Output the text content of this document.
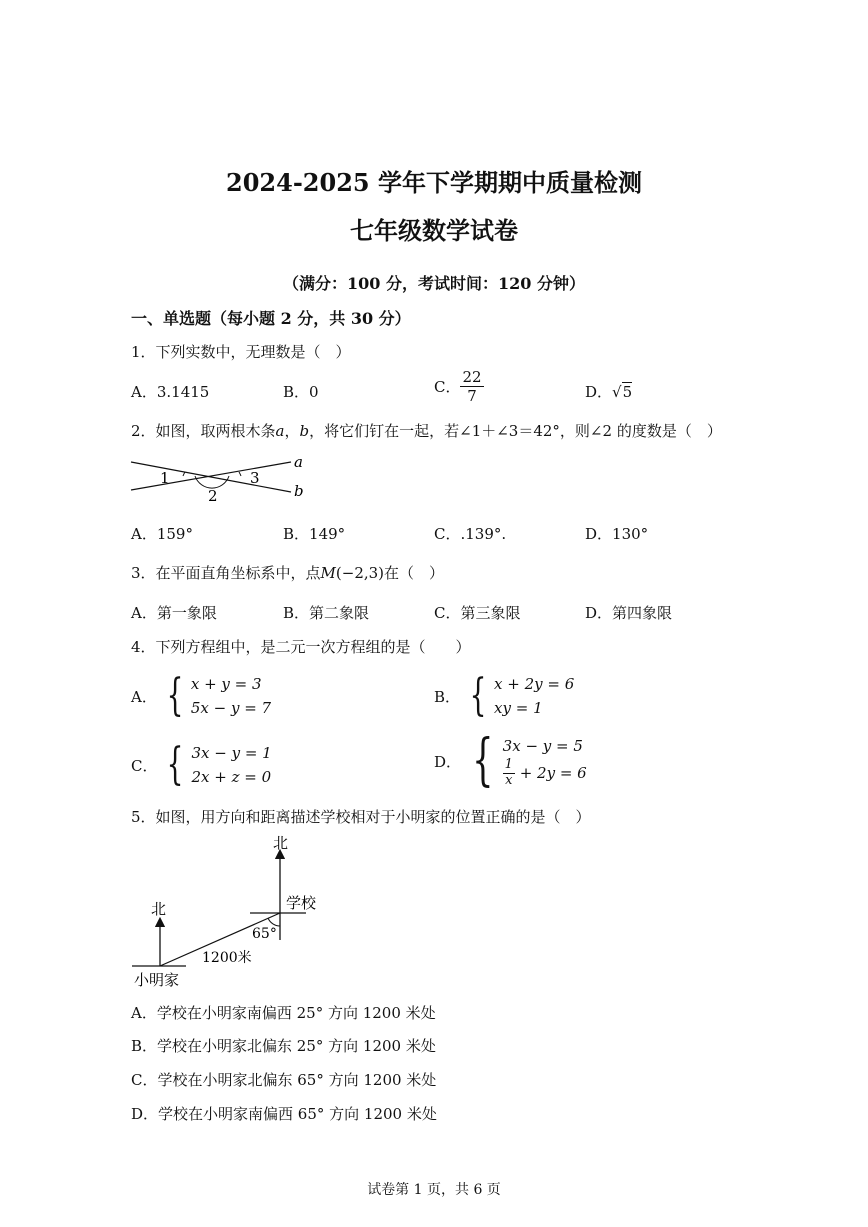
2024-2025 学年下学期期中质量检测
七年级数学试卷
（满分：100 分，考试时间：120 分钟）
一、单选题（每小题 2 分，共 30 分）
1．下列实数中，无理数是（　）
A．3.1415	B．0	C． $\frac{22}{7}$	D．√5
2．如图，取两根木条a，b，将它们钉在一起，若∠1＋∠3＝42°，则∠2 的度数是（　）
1
2
3
a
b
A．159°	B．149°	C．.139°.	D．130°
3．在平面直角坐标系中，点M(−2,3)在（　）
A．第一象限	B．第二象限	C．第三象限	D．第四象限
4．下列方程组中，是二元一次方程组的是（　　）
A． { x + y = 3
5x − y = 7
B． { x + 2y = 6
xy = 1
C． { 3x − y = 1
2x + z = 0
D． { 3x − y = 5
$\frac{1}{x} + 2y = 6$
5．如图，用方向和距离描述学校相对于小明家的位置正确的是（　）
北
学校
北
65°
1200米
小明家
A．学校在小明家南偏西 25° 方向 1200 米处
B．学校在小明家北偏东 25° 方向 1200 米处
C．学校在小明家北偏东 65° 方向 1200 米处
D．学校在小明家南偏西 65° 方向 1200 米处
试卷第 1 页，共 6 页
